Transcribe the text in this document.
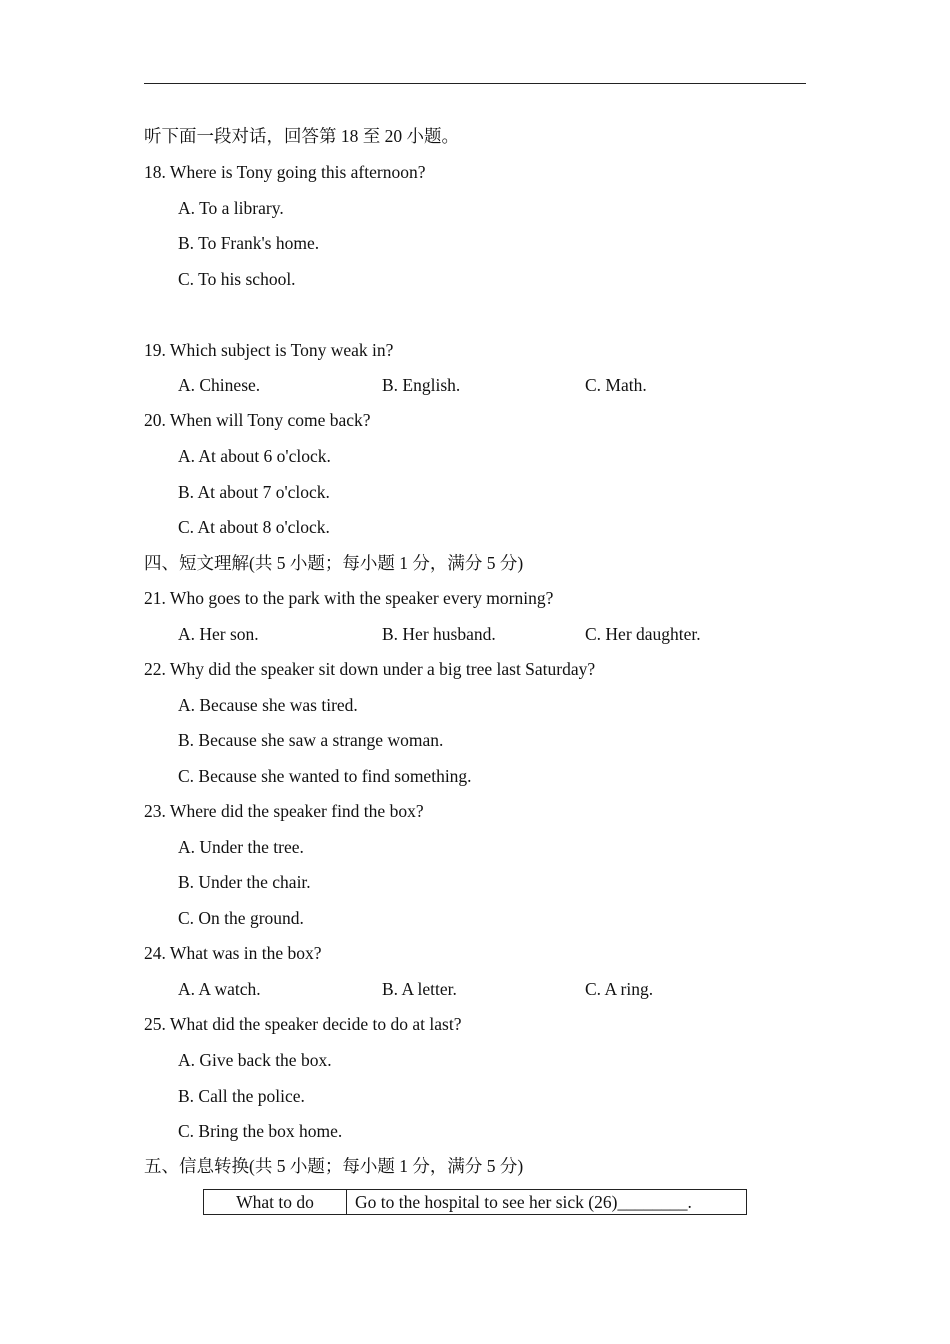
听下面一段对话，回答第 18 至 20 小题。
18. Where is Tony going this afternoon?
A. To a library.
B. To Frank's home.
C. To his school.
19. Which subject is Tony weak in?
A. Chinese.	B. English.	C. Math.
20. When will Tony come back?
A. At about 6 o'clock.
B. At about 7 o'clock.
C. At about 8 o'clock.
四、短文理解(共 5 小题；每小题 1 分，满分 5 分)
21. Who goes to the park with the speaker every morning?
A. Her son.	B. Her husband.	C. Her daughter.
22. Why did the speaker sit down under a big tree last Saturday?
A. Because she was tired.
B. Because she saw a strange woman.
C. Because she wanted to find something.
23. Where did the speaker find the box?
A. Under the tree.
B. Under the chair.
C. On the ground.
24. What was in the box?
A. A watch.	B. A letter.	C. A ring.
25. What did the speaker decide to do at last?
A. Give back the box.
B. Call the police.
C. Bring the box home.
五、信息转换(共 5 小题；每小题 1 分，满分 5 分)
What to do	Go to the hospital to see her sick (26)________.
